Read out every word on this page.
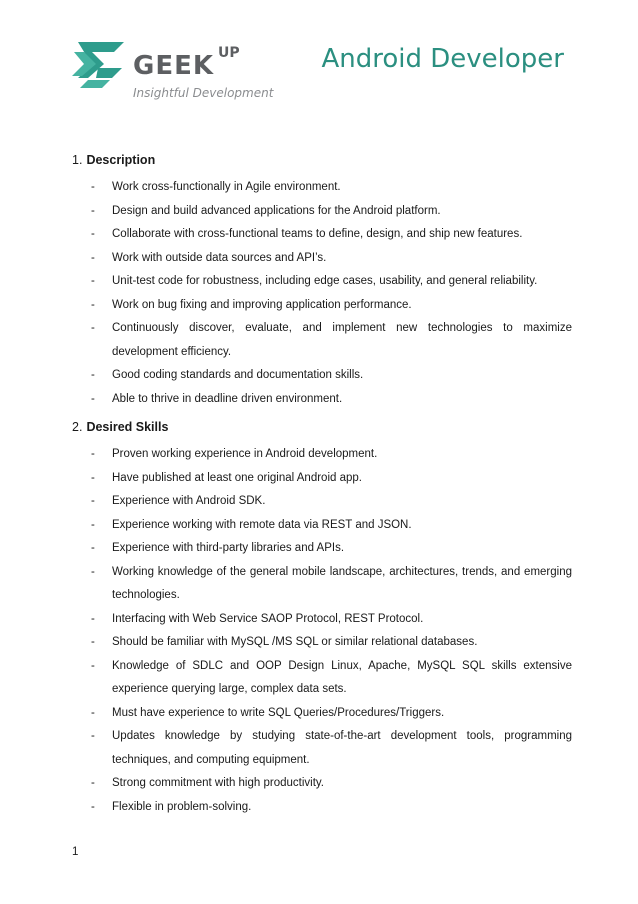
GEEK UP
Insightful Development
Android Developer

1. Description

- Work cross-functionally in Agile environment.
- Design and build advanced applications for the Android platform.
- Collaborate with cross-functional teams to define, design, and ship new features.
- Work with outside data sources and API’s.
- Unit-test code for robustness, including edge cases, usability, and general reliability.
- Work on bug fixing and improving application performance.
- Continuously discover, evaluate, and implement new technologies to maximize development efficiency.
- Good coding standards and documentation skills.
- Able to thrive in deadline driven environment.

2. Desired Skills

- Proven working experience in Android development.
- Have published at least one original Android app.
- Experience with Android SDK.
- Experience working with remote data via REST and JSON.
- Experience with third-party libraries and APIs.
- Working knowledge of the general mobile landscape, architectures, trends, and emerging technologies.
- Interfacing with Web Service SAOP Protocol, REST Protocol.
- Should be familiar with MySQL /MS SQL or similar relational databases.
- Knowledge of SDLC and OOP Design Linux, Apache, MySQL SQL skills extensive experience querying large, complex data sets.
- Must have experience to write SQL Queries/Procedures/Triggers.
- Updates knowledge by studying state-of-the-art development tools, programming techniques, and computing equipment.
- Strong commitment with high productivity.
- Flexible in problem-solving.
1
